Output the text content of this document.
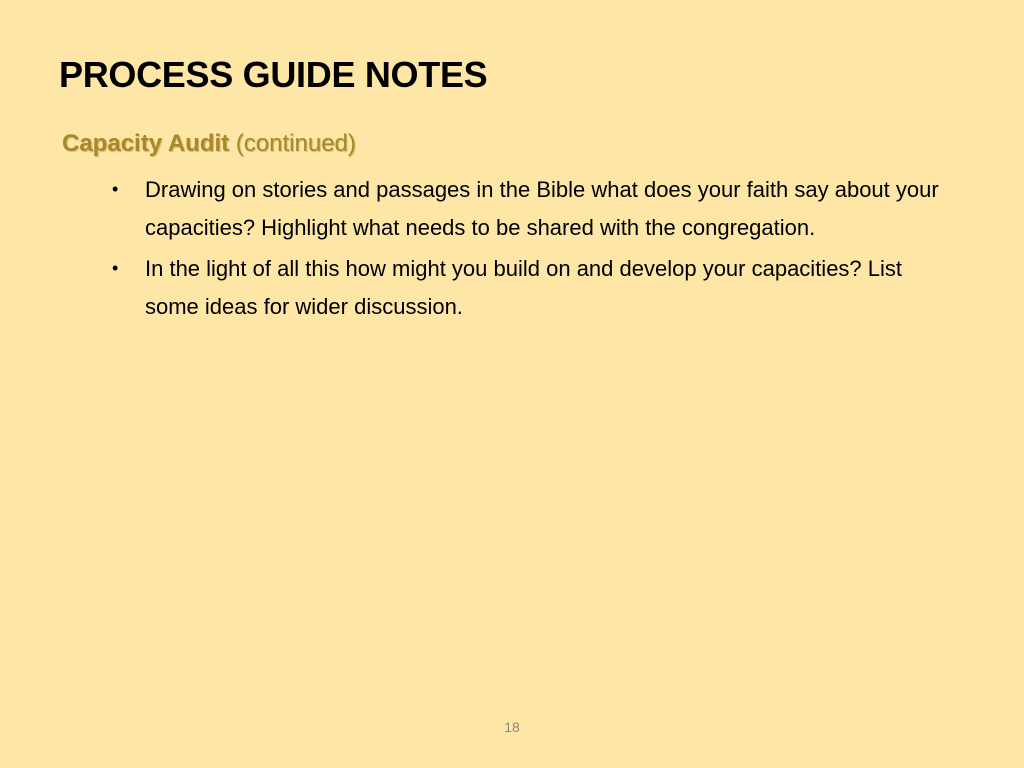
PROCESS GUIDE NOTES
Capacity Audit (continued)
• Drawing on stories and passages in the Bible what does your faith say about your capacities? Highlight what needs to be shared with the congregation.
• In the light of all this how might you build on and develop your capacities? List some ideas for wider discussion.
18
